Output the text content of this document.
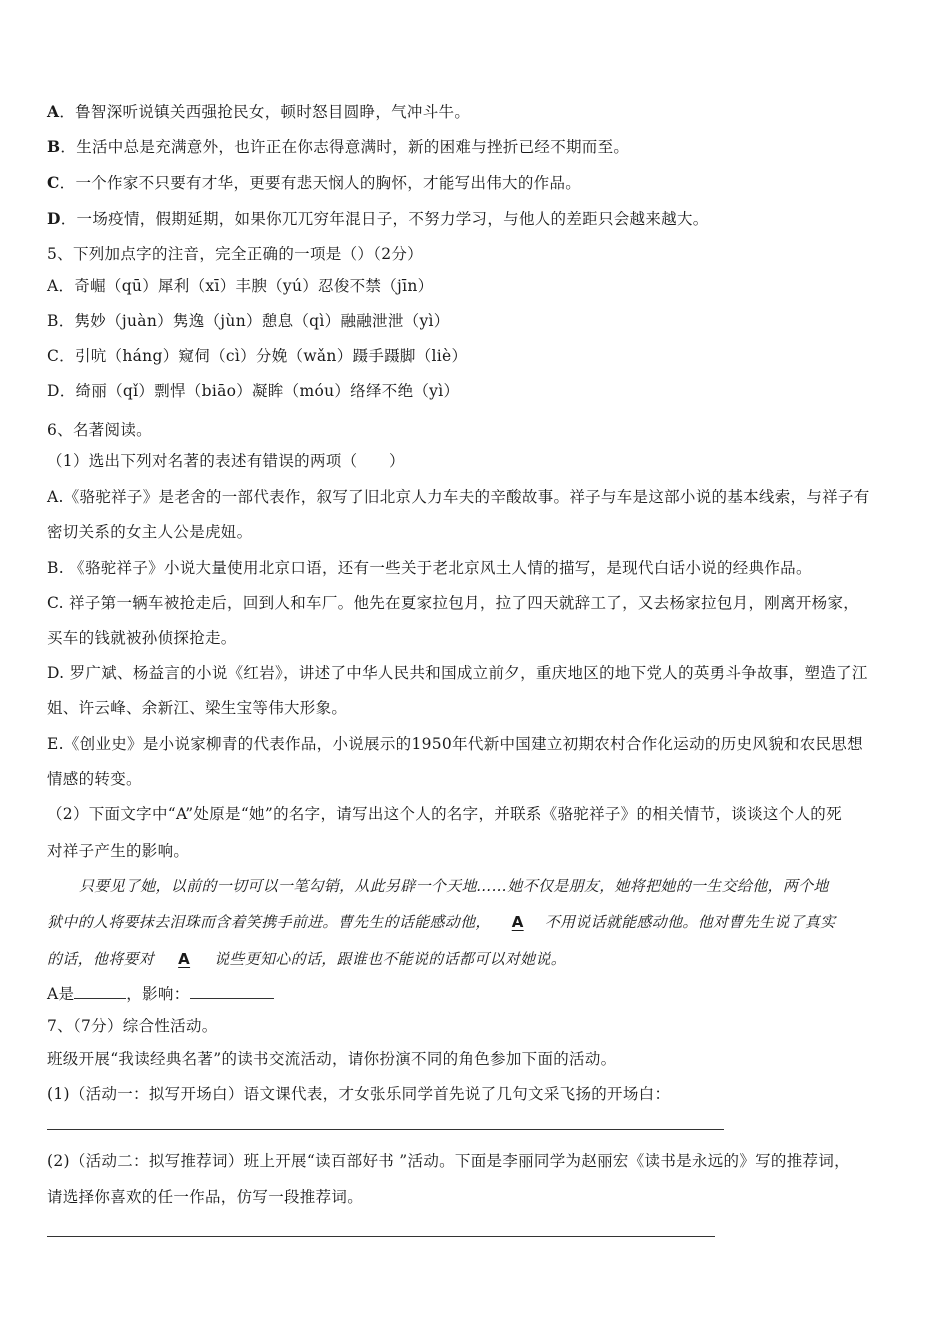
A．鲁智深听说镇关西强抢民女，顿时怒目圆睁，气冲斗牛。
B．生活中总是充满意外，也许正在你志得意满时，新的困难与挫折已经不期而至。
C．一个作家不只要有才华，更要有悲天悯人的胸怀，才能写出伟大的作品。
D．一场疫情，假期延期，如果你兀兀穷年混日子，不努力学习，与他人的差距只会越来越大。
5、下列加点字的注音，完全正确的一项是（）（2分）
A．奇崛（qū）犀利（xī）丰腴（yú）忍俊不禁（jīn）
B．隽妙（juàn）隽逸（jùn）憩息（qì）融融泄泄（yì）
C．引吭（háng）窥伺（cì）分娩（wǎn）蹑手蹑脚（liè）
D．绮丽（qǐ）剽悍（biāo）凝眸（móu）络绎不绝（yì）
6、名著阅读。
（1）选出下列对名著的表述有错误的两项（　　）
A.《骆驼祥子》是老舍的一部代表作，叙写了旧北京人力车夫的辛酸故事。祥子与车是这部小说的基本线索，与祥子有
密切关系的女主人公是虎妞。
B. 《骆驼祥子》小说大量使用北京口语，还有一些关于老北京风土人情的描写，是现代白话小说的经典作品。
C. 祥子第一辆车被抢走后，回到人和车厂。他先在夏家拉包月，拉了四天就辞工了，又去杨家拉包月，刚离开杨家，
买车的钱就被孙侦探抢走。
D. 罗广斌、杨益言的小说《红岩》，讲述了中华人民共和国成立前夕，重庆地区的地下党人的英勇斗争故事，塑造了江
姐、许云峰、余新江、梁生宝等伟大形象。
E.《创业史》是小说家柳青的代表作品，小说展示的1950年代新中国建立初期农村合作化运动的历史风貌和农民思想
情感的转变。
（2）下面文字中“A”处原是“她”的名字，请写出这个人的名字，并联系《骆驼祥子》的相关情节，谈谈这个人的死
对祥子产生的影响。
只要见了她，以前的一切可以一笔勾销，从此另辟一个天地……她不仅是朋友，她将把她的一生交给他，两个地
狱中的人将要抹去泪珠而含着笑携手前进。曹先生的话能感动他， A 不用说话就能感动他。他对曹先生说了真实
的话，他将要对 A 说些更知心的话，跟谁也不能说的话都可以对她说。
A是	，影响：
7、（7分）综合性活动。
班级开展“我读经典名著”的读书交流活动，请你扮演不同的角色参加下面的活动。
(1)（活动一：拟写开场白）语文课代表，才女张乐同学首先说了几句文采飞扬的开场白：
(2)（活动二：拟写推荐词）班上开展“读百部好书 ”活动。下面是李丽同学为赵丽宏《读书是永远的》写的推荐词，
请选择你喜欢的任一作品，仿写一段推荐词。
